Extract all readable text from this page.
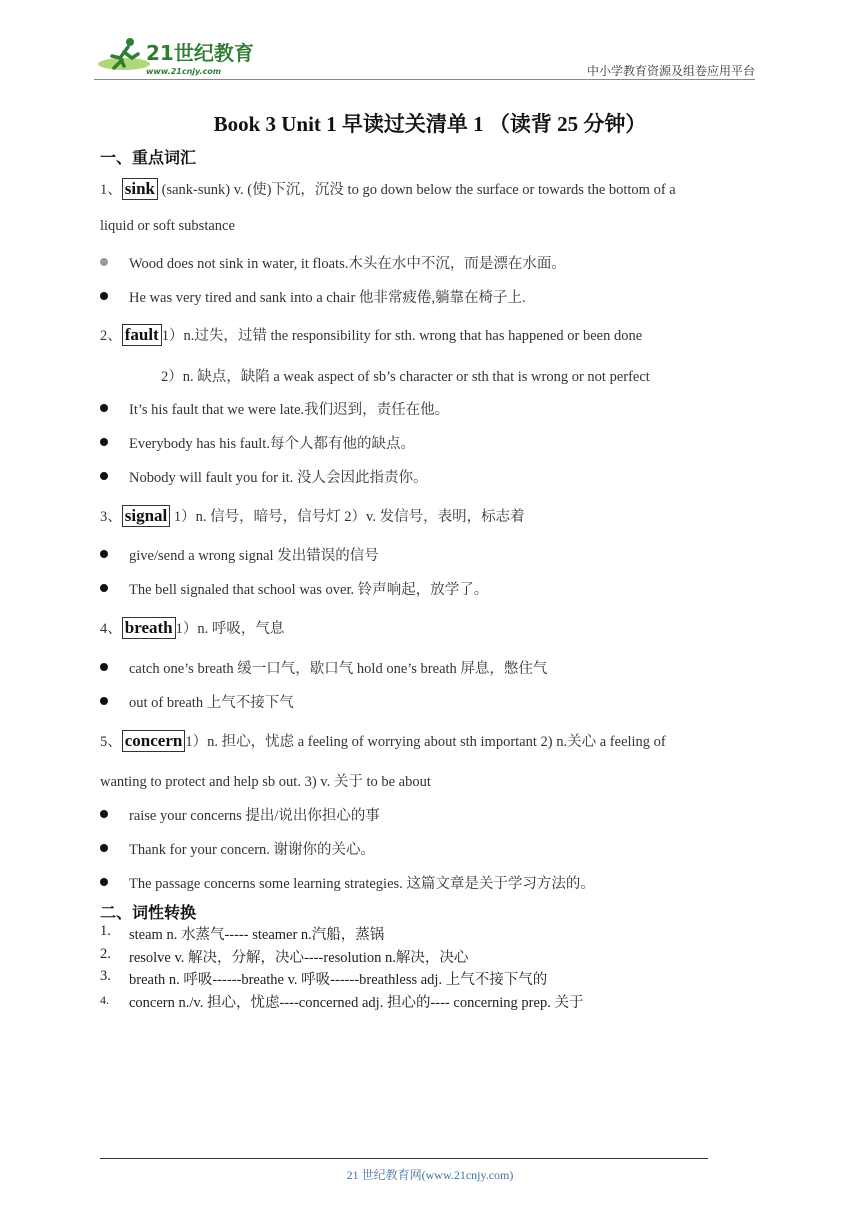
21世纪教育
www.21cnjy.com	中小学教育资源及组卷应用平台
Book 3 Unit 1 早读过关清单 1 （读背 25 分钟）
一、重点词汇
1、 sink (sank-sunk) v. (使)下沉，沉没 to go down below the surface or towards the bottom of a
liquid or soft substance
Wood does not sink in water, it floats.木头在水中不沉，而是漂在水面。
He was very tired and sank into a chair 他非常疲倦,躺靠在椅子上.
2、 fault 1）n.过失，过错 the responsibility for sth. wrong that has happened or been done
2）n. 缺点，缺陷 a weak aspect of sb’s character or sth that is wrong or not perfect
It’s his fault that we were late.我们迟到，责任在他。
Everybody has his fault.每个人都有他的缺点。
Nobody will fault you for it. 没人会因此指责你。
3、 signal 1）n. 信号，暗号，信号灯 2）v. 发信号，表明，标志着
give/send a wrong signal 发出错误的信号
The bell signaled that school was over. 铃声响起，放学了。
4、 breath 1）n. 呼吸，气息
catch one’s breath 缓一口气，歇口气 hold one’s breath 屏息，憋住气
out of breath 上气不接下气
5、 concern 1）n. 担心，忧虑 a feeling of worrying about sth important 2) n.关心 a feeling of
wanting to protect and help sb out. 3) v. 关于 to be about
raise your concerns 提出/说出你担心的事
Thank for your concern. 谢谢你的关心。
The passage concerns some learning strategies. 这篇文章是关于学习方法的。
二、词性转换
1. steam n. 水蒸气----- steamer n.汽船，蒸锅
2. resolve v. 解决，分解，决心----resolution n.解决，决心
3. breath n. 呼吸------breathe v. 呼吸------breathless adj. 上气不接下气的
4. concern n./v. 担心，忧虑----concerned adj. 担心的---- concerning prep. 关于
21 世纪教育网(www.21cnjy.com)
